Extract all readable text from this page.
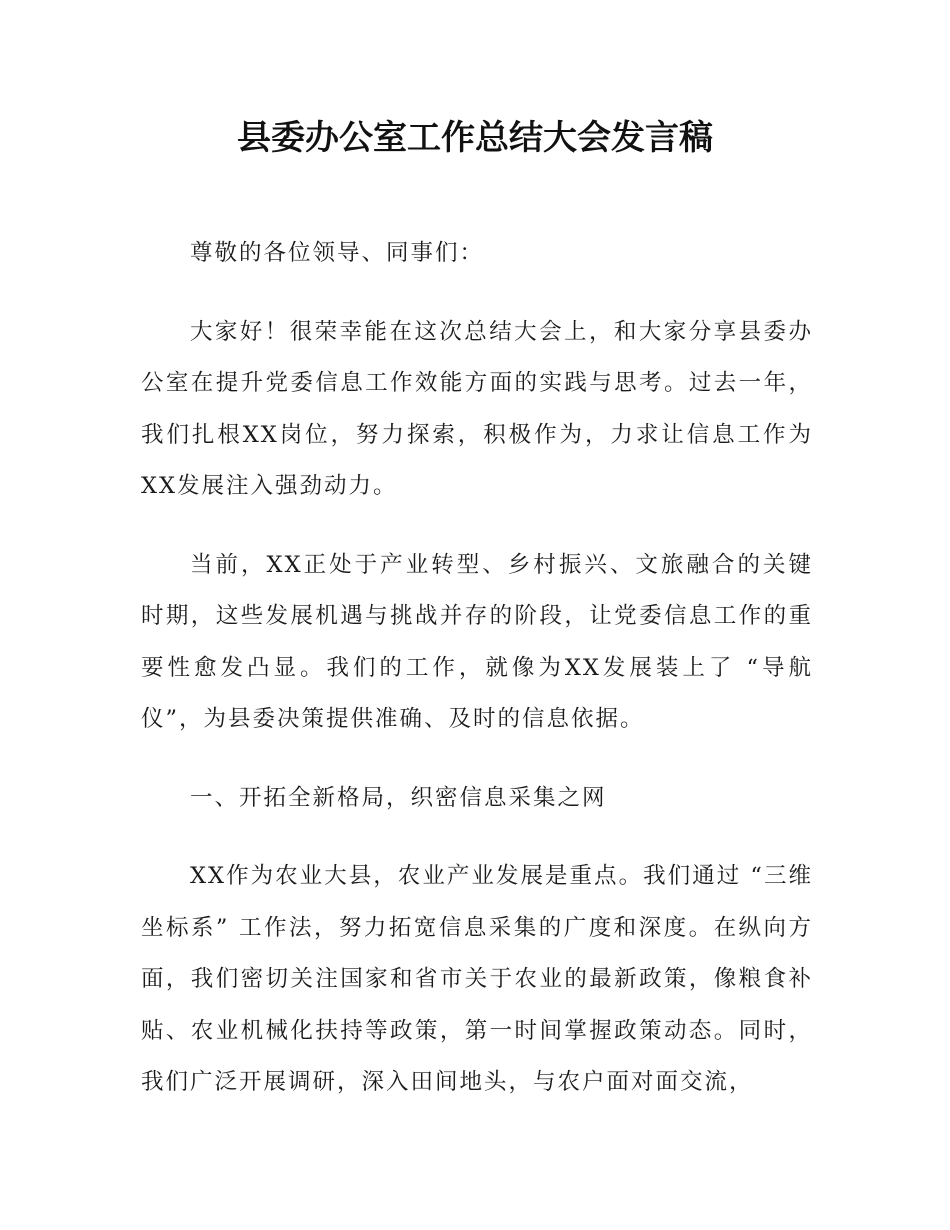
县委办公室工作总结大会发言稿

尊敬的各位领导、同事们：

大家好！很荣幸能在这次总结大会上，和大家分享县委办公室在提升党委信息工作效能方面的实践与思考。过去一年，我们扎根XX岗位，努力探索，积极作为，力求让信息工作为XX发展注入强劲动力。

当前，XX正处于产业转型、乡村振兴、文旅融合的关键时期，这些发展机遇与挑战并存的阶段，让党委信息工作的重要性愈发凸显。我们的工作，就像为XX发展装上了 “导航仪”，为县委决策提供准确、及时的信息依据。

一、开拓全新格局，织密信息采集之网

XX作为农业大县，农业产业发展是重点。我们通过 “三维坐标系” 工作法，努力拓宽信息采集的广度和深度。在纵向方面，我们密切关注国家和省市关于农业的最新政策，像粮食补贴、农业机械化扶持等政策，第一时间掌握政策动态。同时，我们广泛开展调研，深入田间地头，与农户面对面交流，
